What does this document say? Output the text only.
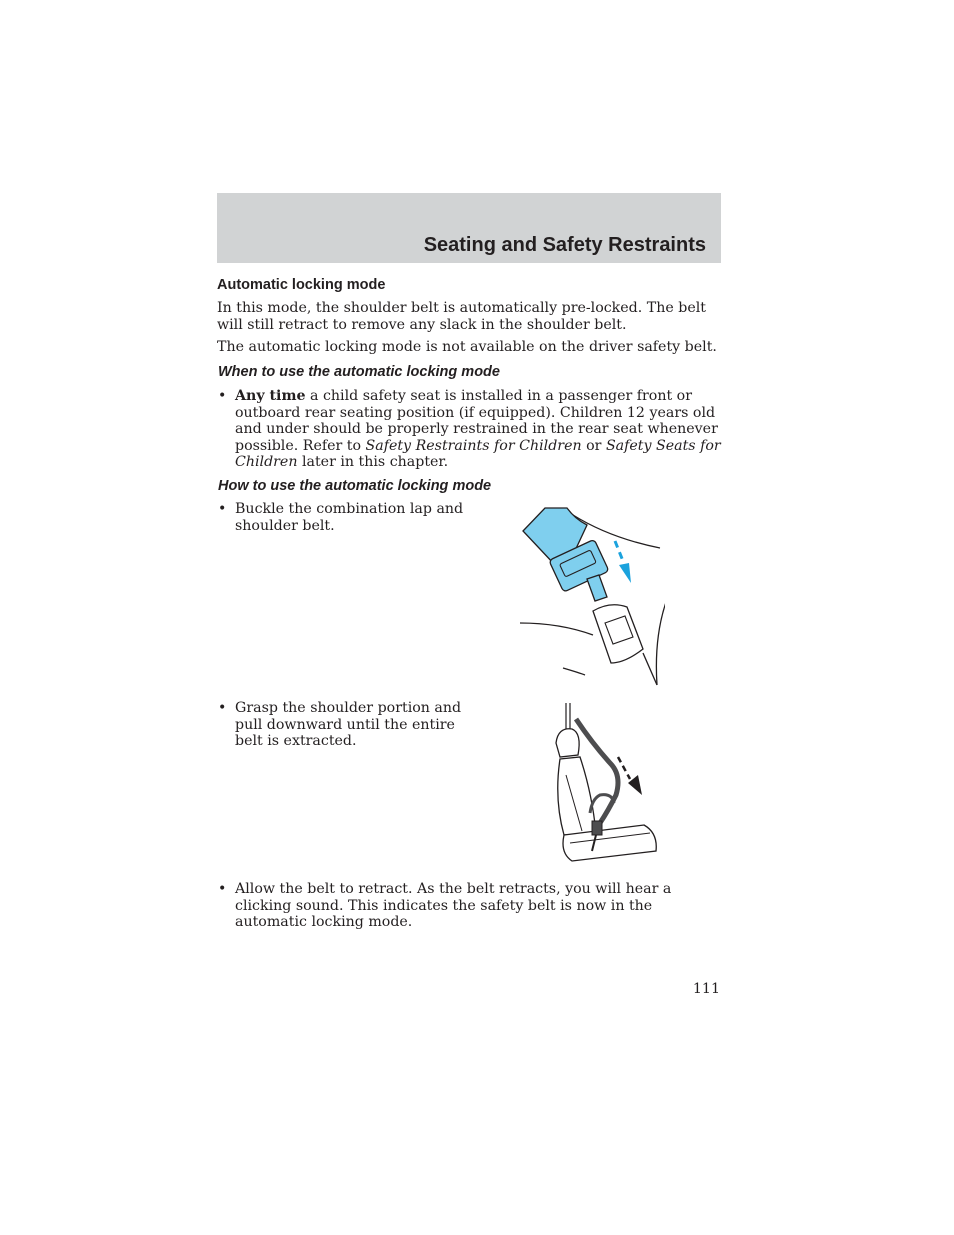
Seating and Safety Restraints
Automatic locking mode

In this mode, the shoulder belt is automatically pre-locked. The belt will still retract to remove any slack in the shoulder belt.

The automatic locking mode is not available on the driver safety belt.

When to use the automatic locking mode
• Any time a child safety seat is installed in a passenger front or outboard rear seating position (if equipped). Children 12 years old and under should be properly restrained in the rear seat whenever possible. Refer to Safety Restraints for Children or Safety Seats for Children later in this chapter.
How to use the automatic locking mode
• Buckle the combination lap and shoulder belt.
• Grasp the shoulder portion and pull downward until the entire belt is extracted.
• Allow the belt to retract. As the belt retracts, you will hear a clicking sound. This indicates the safety belt is now in the automatic locking mode.

111
